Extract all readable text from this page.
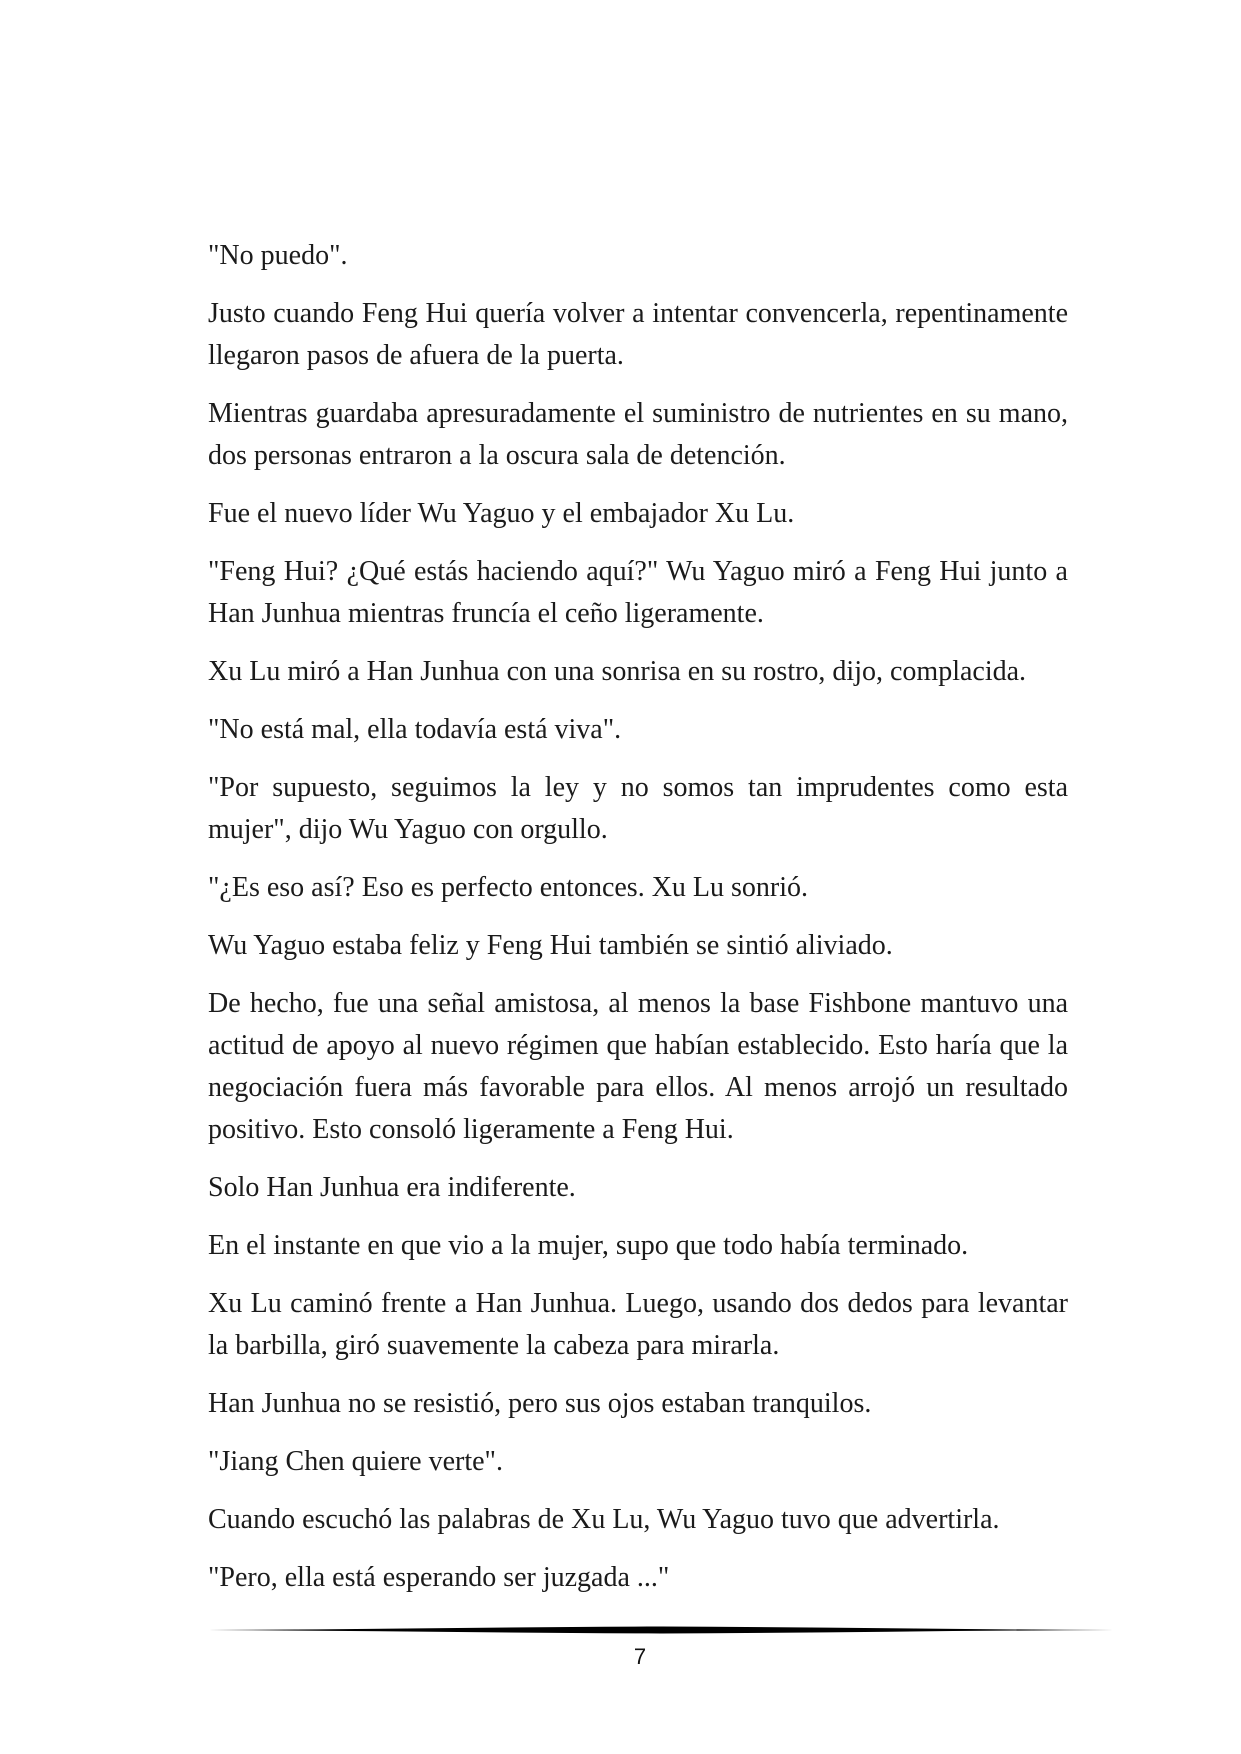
"No puedo".

Justo cuando Feng Hui quería volver a intentar convencerla, repentinamente llegaron pasos de afuera de la puerta.

Mientras guardaba apresuradamente el suministro de nutrientes en su mano, dos personas entraron a la oscura sala de detención.

Fue el nuevo líder Wu Yaguo y el embajador Xu Lu.

"Feng Hui? ¿Qué estás haciendo aquí?" Wu Yaguo miró a Feng Hui junto a Han Junhua mientras fruncía el ceño ligeramente.

Xu Lu miró a Han Junhua con una sonrisa en su rostro, dijo, complacida.

"No está mal, ella todavía está viva".

"Por supuesto, seguimos la ley y no somos tan imprudentes como esta mujer", dijo Wu Yaguo con orgullo.

"¿Es eso así? Eso es perfecto entonces. Xu Lu sonrió.

Wu Yaguo estaba feliz y Feng Hui también se sintió aliviado.

De hecho, fue una señal amistosa, al menos la base Fishbone mantuvo una actitud de apoyo al nuevo régimen que habían establecido. Esto haría que la negociación fuera más favorable para ellos. Al menos arrojó un resultado positivo. Esto consoló ligeramente a Feng Hui.

Solo Han Junhua era indiferente.

En el instante en que vio a la mujer, supo que todo había terminado.

Xu Lu caminó frente a Han Junhua. Luego, usando dos dedos para levantar la barbilla, giró suavemente la cabeza para mirarla.

Han Junhua no se resistió, pero sus ojos estaban tranquilos.

"Jiang Chen quiere verte".

Cuando escuchó las palabras de Xu Lu, Wu Yaguo tuvo que advertirla.

"Pero, ella está esperando ser juzgada ..."

7
